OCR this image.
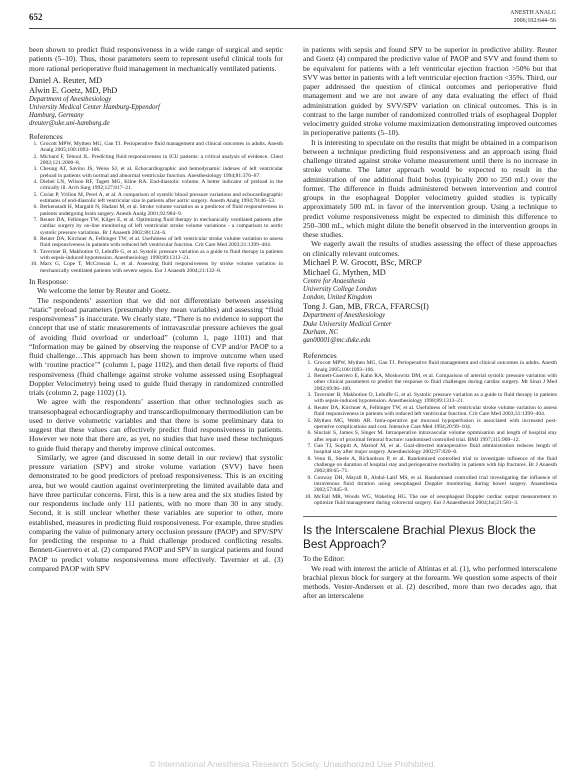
652	ANESTH ANALG
2006;102:644–56

been shown to predict fluid responsiveness in a wide range of surgical and septic patients (5–10). Thus, those parameters seem to represent useful clinical tools for more rational perioperative fluid management in mechanically ventilated patients.

Daniel A. Reuter, MD
Alwin E. Goetz, MD, PhD
Department of Anesthesiology
University Medical Center Hamburg-Eppendorf
Hamburg, Germany
dreuter@uke.uni-hamburg.de
References
1. Grocott MPW, Mythen MG, Gan TJ. Perioperative fluid management and clinical outcomes in adults. Anesth Analg 2005;100:1093–106.
2. Michard F, Teboul JL. Predicting fluid responsiveness in ICU patients: a critical analysis of evidence. Chest 2002;121:2000–8.
3. Cheung AT, Savino JS, Weiss SJ, et al. Echocardiographic and hemodynamic indexes of left ventricular preload in patients with normal and abnormal ventricular function. Anesthesiology 1994;81:376–87.
4. Diebel LN, Wilson RF, Tagett MG, Kline RA. End-diastolic volume. A better indicator of preload in the critically ill. Arch Surg 1992;127:817–21.
5. Coriat P, Vrillon M, Perel A, et al. A comparison of systolic blood pressure variations and echocardiographic estimates of end-diastolic left ventricular size in patients after aortic surgery. Anesth Analg 1994;78:46–53.
6. Berkenstadt H, Margalit N, Hadani M, et al. Stroke volume variation as a predictor of fluid responsiveness in patients undergoing brain surgery. Anesth Analg 2001;92:984–9.
7. Reuter DA, Felbinger TW, Kilger E, et al. Optimizing fluid therapy in mechanically ventilated patients after cardiac surgery by on-line monitoring of left ventricular stroke volume variations - a comparison to aortic systolic pressure variations. Br J Anaesth 2002;88:124–6.
8. Reuter DA, Kirchner A, Felbinger TW, et al. Usefulness of left ventricular stroke volume variation to assess fluid responsiveness in patients with reduced left ventricular function. Crit Care Med 2003;31:1399–404.
9. Tavernier B, Makhotine O, Lebuffe G, et al. Systolic pressure variation as a guide to fluid therapy in patients with sepsis-induced hypotension. Anesthesiology 1998;89:1313–21.
10. Marx G, Cope T, McCrossan L, et al. Assessing fluid responsiveness by stroke volume variation in mechanically ventilated patients with severe sepsis. Eur J Anaesth 2004;21:132–8.

In Response:

We welcome the letter by Reuter and Goetz.

The respondents’ assertion that we did not differentiate between assessing “static” preload parameters (presumably they mean variables) and assessing “fluid responsiveness” is inaccurate. We clearly state, “There is no evidence to support the concept that use of static measurements of intravascular pressure achieves the goal of avoiding fluid overload or underload” (column 1, page 1101) and that “Information may be gained by observing the response of CVP and/or PAOP to a fluid challenge…This approach has been shown to improve outcome when used with ‘routine practice’” (column 1, page 1102), and then detail five reports of fluid responsiveness (fluid challenge against stroke volume assessed using Esophageal Doppler Velocimetry) being used to guide fluid therapy in randomized controlled trials (column 2, page 1102) (1).

We agree with the respondents’ assertion that other technologies such as transesophageal echocardiography and transcardiopulmonary thermodilution can be used to derive volumetric variables and that there is some preliminary data to suggest that these values can effectively predict fluid responsiveness in patients. However we note that there are, as yet, no studies that have used these techniques to guide fluid therapy and thereby improve clinical outcomes.

Similarly, we agree (and discussed in some detail in our review) that systolic pressure variation (SPV) and stroke volume variation (SVV) have been demonstrated to be good predictors of preload responsiveness. This is an exciting area, but we would caution against overinterpreting the limited available data and have three particular concerns. First, this is a new area and the six studies listed by our respondents include only 111 patients, with no more than 30 in any study. Second, it is still unclear whether these variables are superior to other, more established, measures in predicting fluid responsiveness. For example, three studies comparing the value of pulmonary artery occlusion pressure (PAOP) and SPV/SPV for predicting the response to a fluid challenge produced conflicting results. Bennett-Guerrero et al. (2) compared PAOP and SPV in surgical patients and found PAOP to predict volume responsiveness more effectively. Tavernier et al. (3) compared PAOP with SPV

in patients with sepsis and found SPV to be superior in predictive ability. Reuter and Goetz (4) compared the predictive value of PAOP and SVV and found them to be equivalent for patients with a left ventricular ejection fraction >50% but that SVV was better in patients with a left ventricular ejection fraction <35%. Third, our paper addressed the question of clinical outcomes and perioperative fluid management and we are not aware of any data evaluating the effect of fluid administration guided by SVV/SPV variation on clinical outcomes. This is in contrast to the large number of randomized controlled trials of esophageal Doppler velocimetry guided stroke volume maximization demonstrating improved outcomes in perioperative patients (5–10).

It is interesting to speculate on the results that might be obtained in a comparison between a technique predicting fluid responsiveness and an approach using fluid challenge titrated against stroke volume measurement until there is no increase in stroke volume. The latter approach would be expected to result in the administration of one additional fluid bolus (typically 200 to 250 mL) over the former. The difference in fluids administered between intervention and control groups in the esophageal Doppler velocimetry guided studies is typically approximately 500 mL in favor of the intervention group. Using a technique to predict volume responsiveness might be expected to diminish this difference to 250–300 mL, which might dilute the benefit observed in the intervention groups in these studies.

We eagerly await the results of studies assessing the effect of these approaches on clinically relevant outcomes.

Michael P. W. Grocott, BSc, MRCP
Michael G. Mythen, MD
Centre for Anaesthesia
University College London
London, United Kingdom
Tong J. Gan, MB, FRCA, FFARCS(I)
Department of Anesthesiology
Duke University Medical Center
Durham, NC
gan00001@mc.duke.edu
References
1. Grocott MPW, Mythen MG, Gan TJ. Perioperative fluid management and clinical outcomes in adults. Anesth Analg 2005;100:1093–106.
2. Bennett-Guerrero E, Kahn RA, Moskowitz DM, et al. Comparison of arterial systolic pressure variation with other clinical parameters to predict the response to fluid challenges during cardiac surgery. Mt Sinai J Med 2002;69:96–100.
3. Tavernier B, Makhotine O, Lebuffe G, et al. Systolic pressure variation as a guide to fluid therapy in patients with sepsis-induced hypotension. Anesthesiology 1998;89:1313–21.
4. Reuter DA, Kirchner A, Felbinger TW, et al. Usefulness of left ventricular stroke volume variation to assess fluid responsiveness in patients with reduced left ventricular function. Crit Care Med 2003;31:1399–404.
5. Mythen MG, Webb AR. Intra-operative gut mucosal hypoperfusion is associated with increased post-operative complications and cost. Intensive Care Med 1994;20:99–104.
6. Sinclair S, James S, Singer M. Intraoperative intravascular volume optimisation and length of hospital stay after repair of proximal femoral fracture: randomised controlled trial. BMJ 1997;315:909–12.
7. Gan TJ, Soppitt A, Maroof M, et al. Goal-directed intraoperative fluid administration reduces length of hospital stay after major surgery. Anesthesiology 2002;97:820–6.
8. Venn R, Steele A, Richardson P, et al. Randomized controlled trial to investigate influence of the fluid challenge on duration of hospital stay and perioperative morbidity in patients with hip fractures. Br J Anaesth 2002;88:65–71.
9. Conway DH, Mayall R, Abdul-Latif MS, et al. Randomised controlled trial investigating the influence of intravenous fluid titration using oesophageal Doppler monitoring during bowel surgery. Anaesthesia 2002;57:845–9.
10. McFall MR, Woods WG, Wakeling HG. The use of oesophageal Doppler cardiac output measurement to optimize fluid management during colorectal surgery. Eur J Anaesthesiol 2004;Jul;21:581–3.
Is the Interscalene Brachial Plexus Block the Best Approach?

To the Editor:

We read with interest the article of Altintas et al. (1), who performed interscalene brachial plexus block for surgery at the forearm. We question some aspects of their methods. Vester-Andersen et al. (2) described, more than two decades ago, that after an interscalene

© International Anesthesia Research Society. Unauthorized Use Prohibited.
